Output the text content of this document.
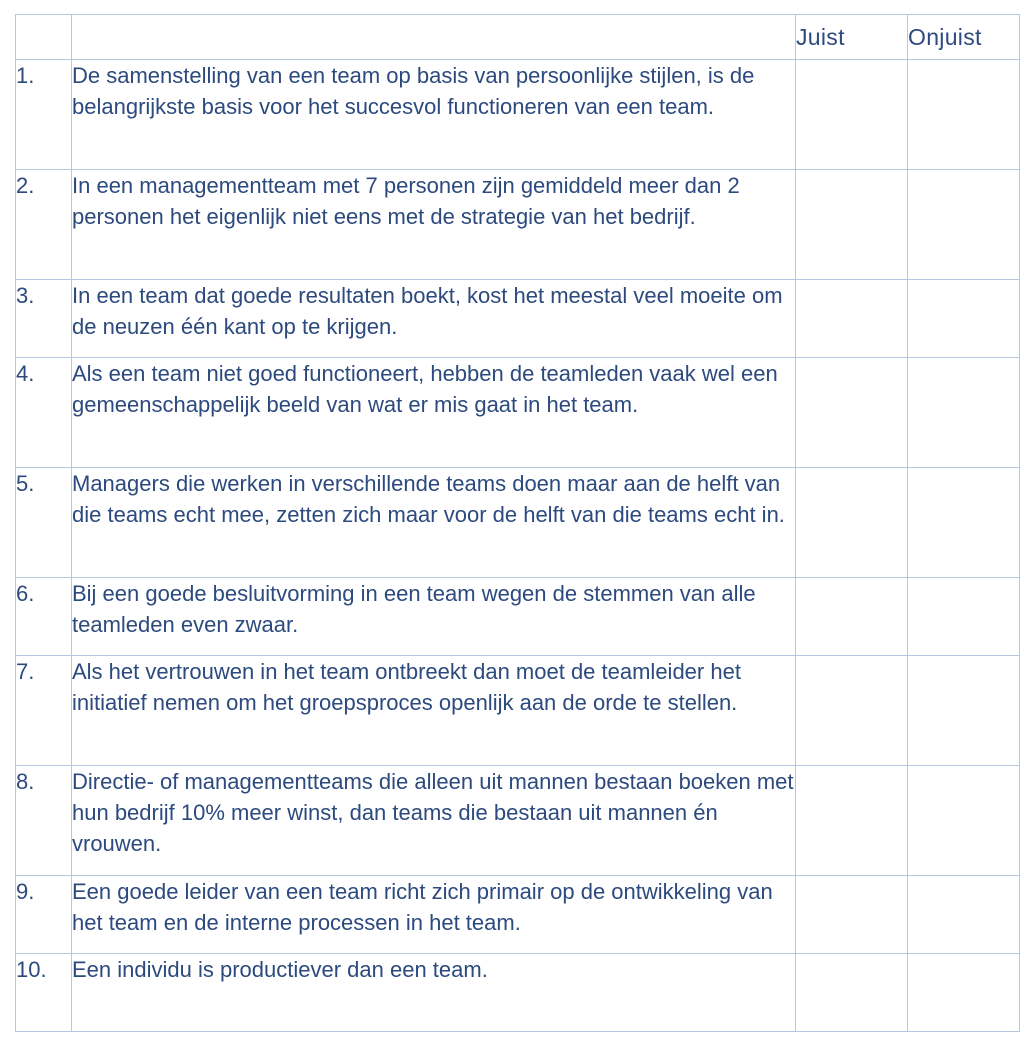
		Juist	Onjuist
1.	De samenstelling van een team op basis van persoonlijke stijlen, is de belangrijkste basis voor het succesvol functioneren van een team.		
2.	In een managementteam met 7 personen zijn gemiddeld meer dan 2 personen het eigenlijk niet eens met de strategie van het bedrijf.		
3.	In een team dat goede resultaten boekt, kost het meestal veel moeite om de neuzen één kant op te krijgen.		
4.	Als een team niet goed functioneert, hebben de teamleden vaak wel een gemeenschappelijk beeld van wat er mis gaat in het team.		
5.	Managers die werken in verschillende teams doen maar aan de helft van die teams echt mee, zetten zich maar voor de helft van die teams echt in.		
6.	Bij een goede besluitvorming in een team wegen de stemmen van alle teamleden even zwaar.		
7.	Als het vertrouwen in het team ontbreekt dan moet de teamleider het initiatief nemen om het groepsproces openlijk aan de orde te stellen.		
8.	Directie- of managementteams die alleen uit mannen bestaan boeken met hun bedrijf 10% meer winst, dan teams die bestaan uit mannen én vrouwen.		
9.	Een goede leider van een team richt zich primair op de ontwikkeling van het team en de interne processen in het team.		
10.	Een individu is productiever dan een team.		
